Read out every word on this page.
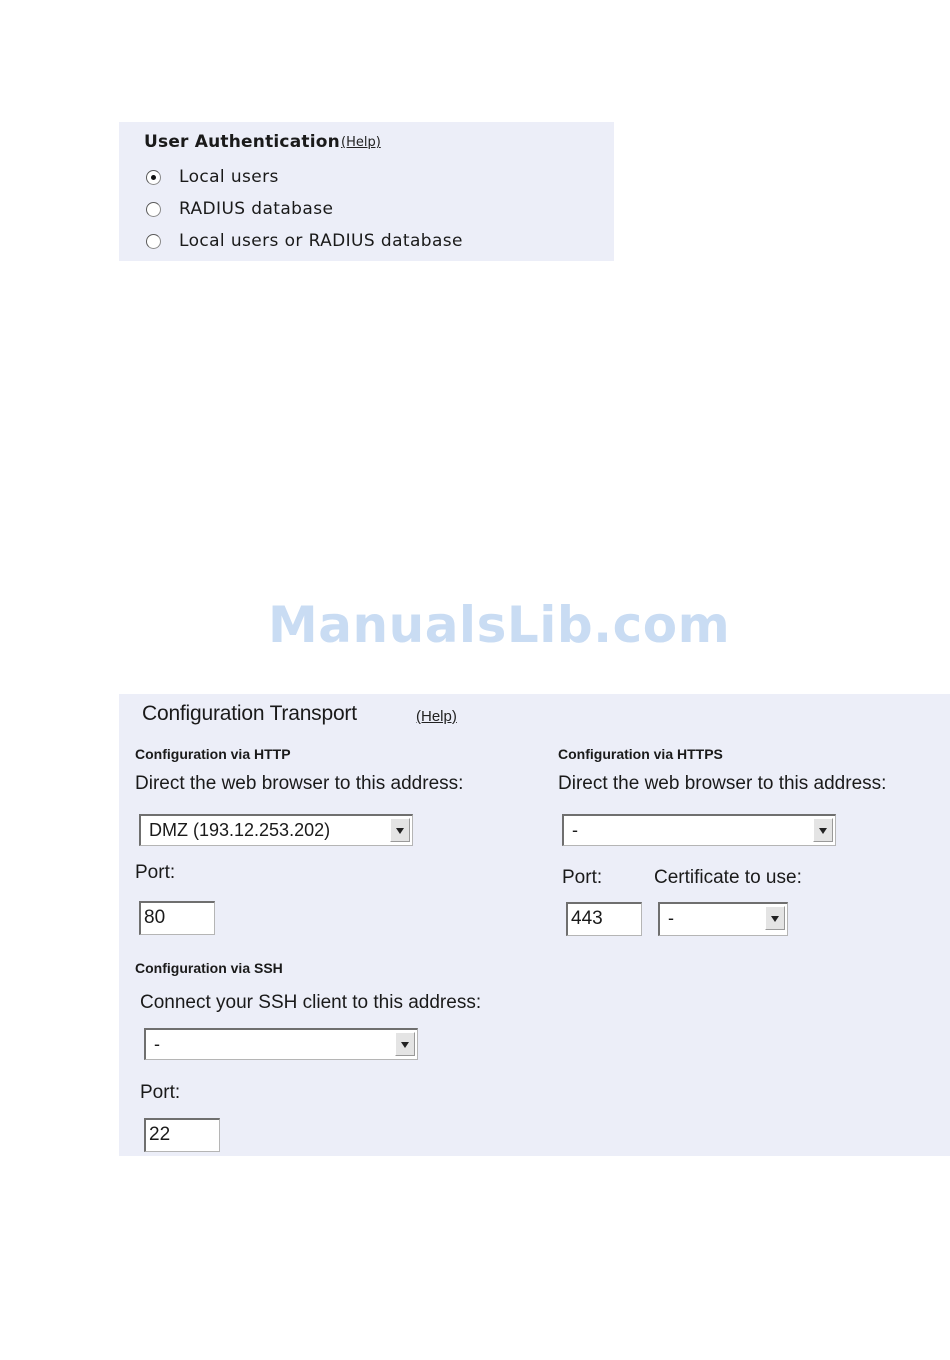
User Authentication (Help)
Local users
RADIUS database
Local users or RADIUS database
ManualsLib.com
Configuration Transport	(Help)
Configuration via HTTP
Direct the web browser to this address:
DMZ (193.12.253.202)
Port:
80
Configuration via HTTPS
Direct the web browser to this address:
-
Port:	Certificate to use:
443	-
Configuration via SSH
Connect your SSH client to this address:
-
Port:
22
